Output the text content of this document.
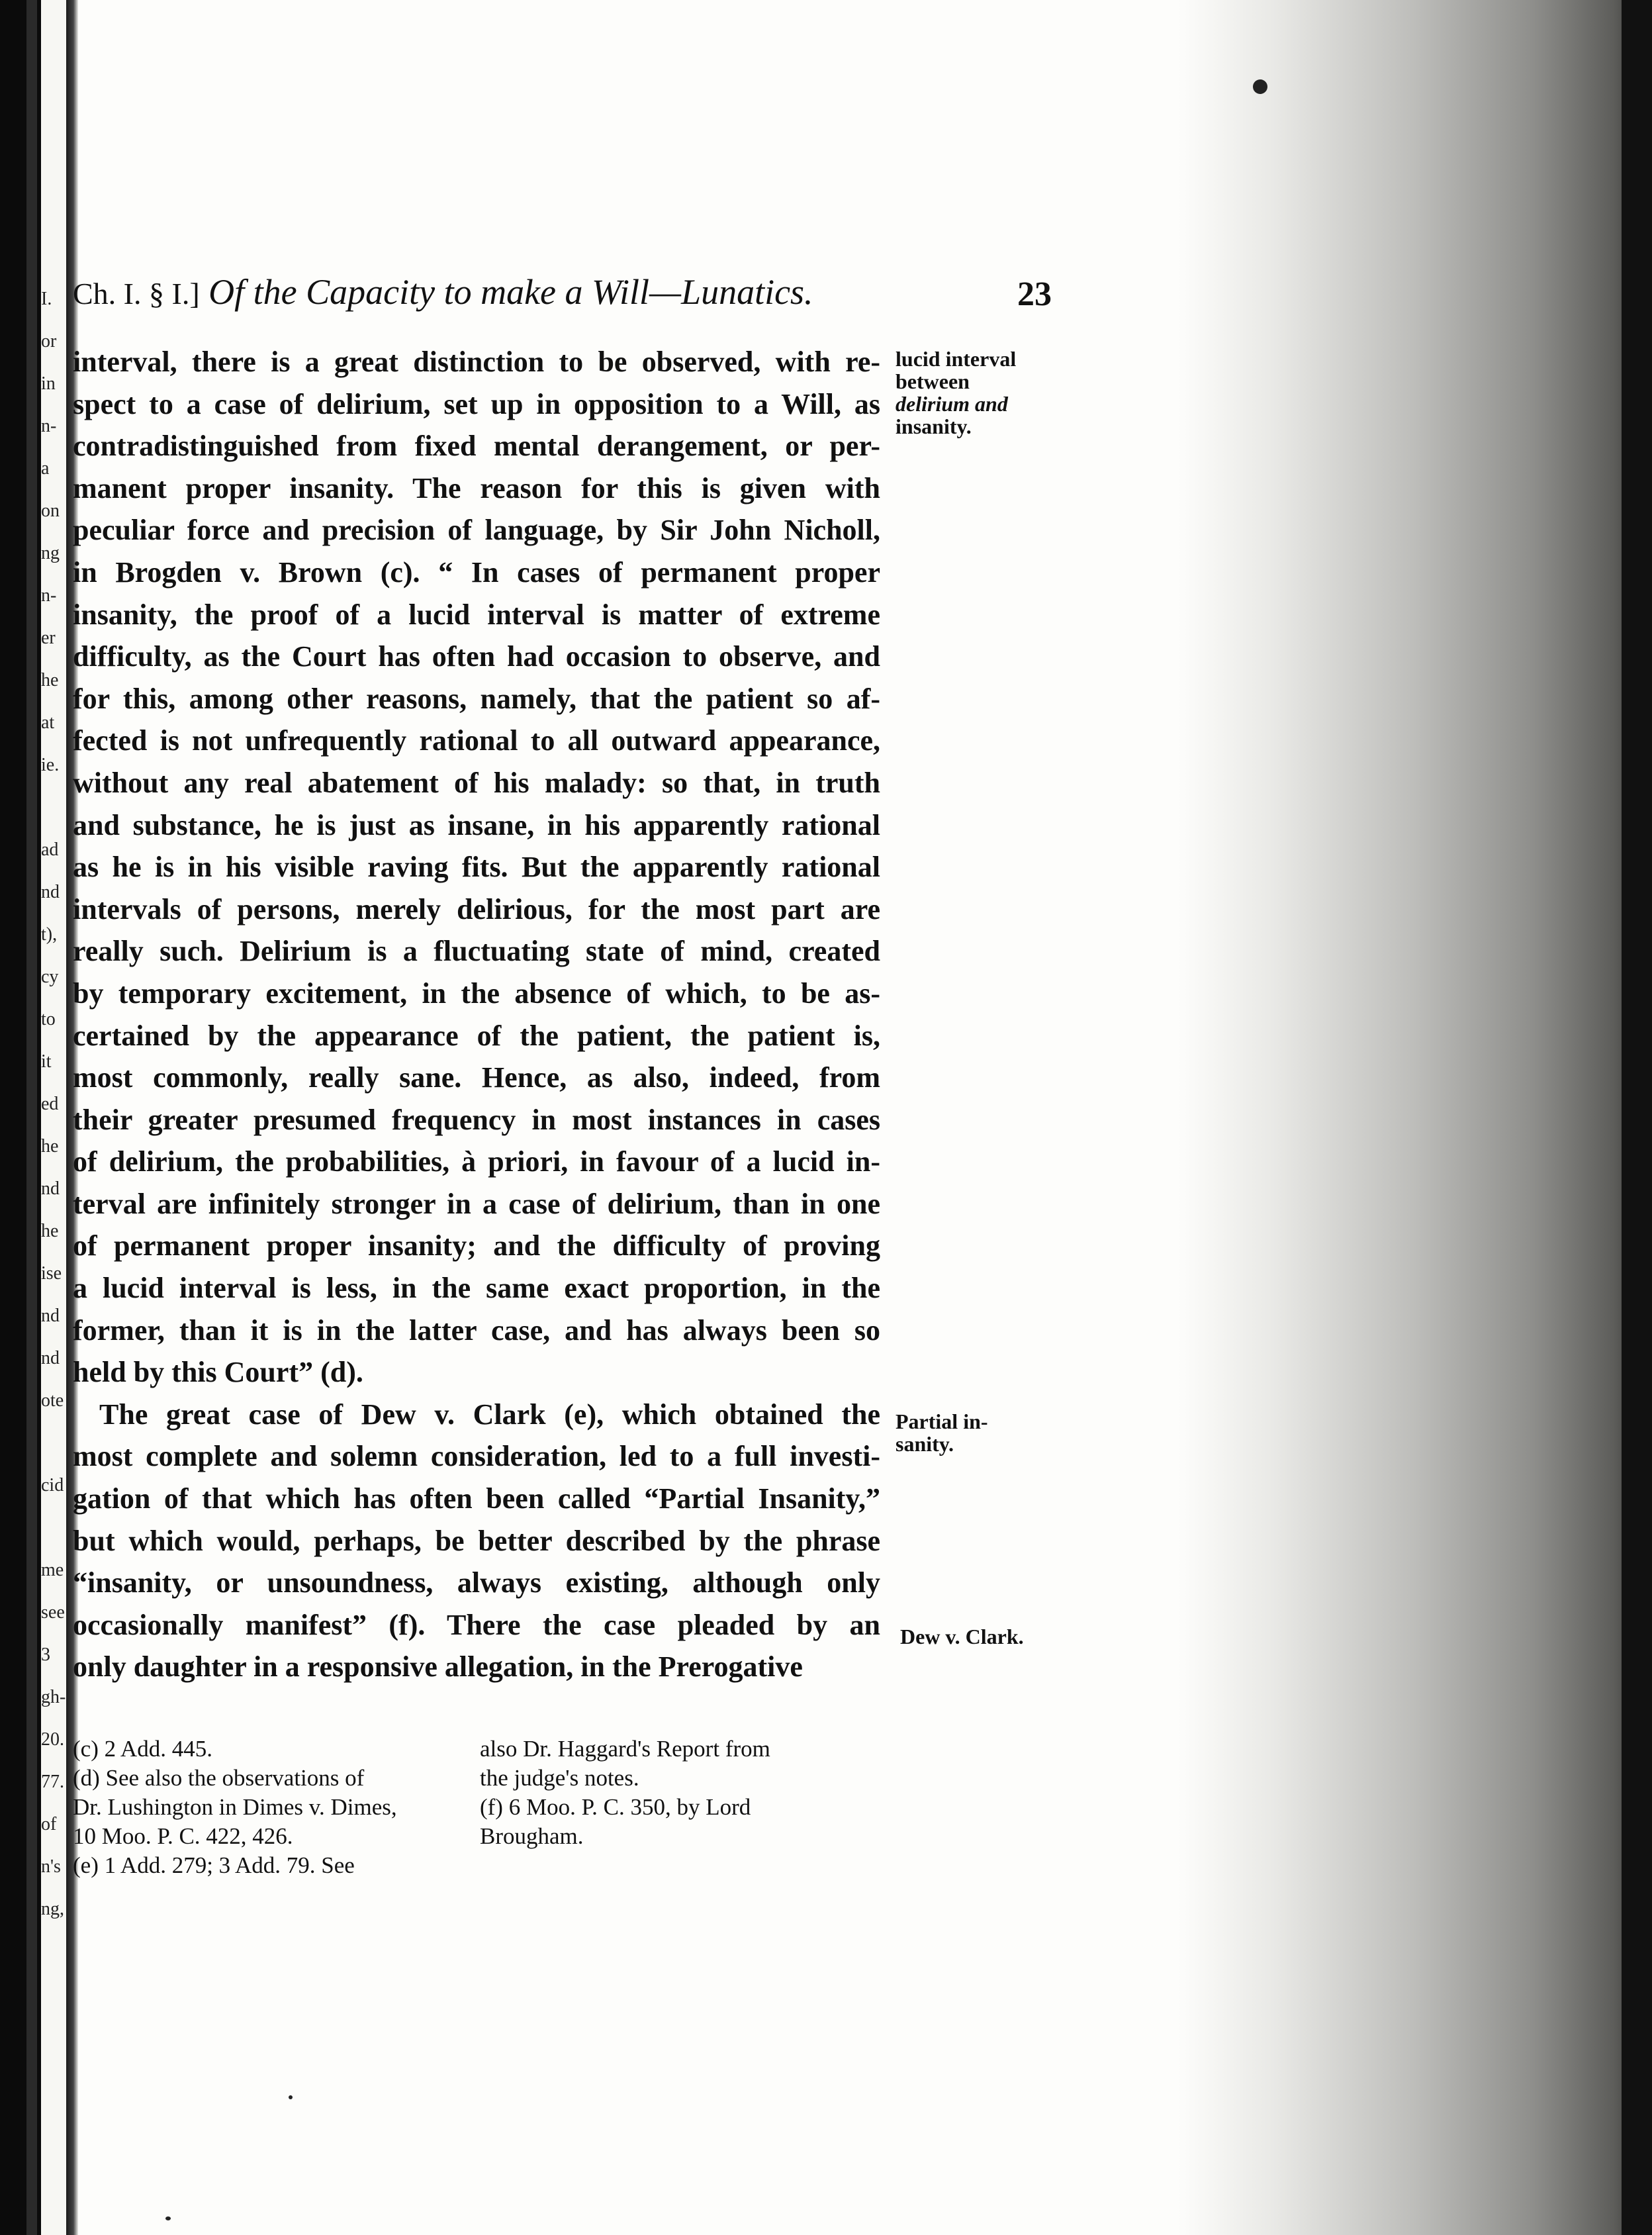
I.
or
in
n-
a
on
ng
n-
er
he
at
ie.
ad
nd
t),
cy
to
it
ed
he
nd
he
ise
nd
nd
ote
cid
me
see
3
gh-
20.
77.
of
n's
ng,
Ch. I. § I.] Of the Capacity to make a Will—Lunatics.	23
interval, there is a great distinction to be observed, with re-
spect to a case of delirium, set up in opposition to a Will, as
contradistinguished from fixed mental derangement, or per-
manent proper insanity. The reason for this is given with
peculiar force and precision of language, by Sir John Nicholl,
in Brogden v. Brown (c). “ In cases of permanent proper
insanity, the proof of a lucid interval is matter of extreme
difficulty, as the Court has often had occasion to observe, and
for this, among other reasons, namely, that the patient so af-
fected is not unfrequently rational to all outward appearance,
without any real abatement of his malady: so that, in truth
and substance, he is just as insane, in his apparently rational
as he is in his visible raving fits. But the apparently rational
intervals of persons, merely delirious, for the most part are
really such. Delirium is a fluctuating state of mind, created
by temporary excitement, in the absence of which, to be as-
certained by the appearance of the patient, the patient is,
most commonly, really sane. Hence, as also, indeed, from
their greater presumed frequency in most instances in cases
of delirium, the probabilities, à priori, in favour of a lucid in-
terval are infinitely stronger in a case of delirium, than in one
of permanent proper insanity; and the difficulty of proving
a lucid interval is less, in the same exact proportion, in the
former, than it is in the latter case, and has always been so
held by this Court” (d).
The great case of Dew v. Clark (e), which obtained the
most complete and solemn consideration, led to a full investi-
gation of that which has often been called “Partial Insanity,”
but which would, perhaps, be better described by the phrase
“insanity, or unsoundness, always existing, although only
occasionally manifest” (f). There the case pleaded by an
only daughter in a responsive allegation, in the Prerogative
lucid interval
between
delirium and
insanity.
Partial in-
sanity.
Dew v. Clark.
(c) 2 Add. 445.
(d) See also the observations of
Dr. Lushington in Dimes v. Dimes,
10 Moo. P. C. 422, 426.
(e) 1 Add. 279; 3 Add. 79. See
also Dr. Haggard's Report from
the judge's notes.
(f) 6 Moo. P. C. 350, by Lord
Brougham.
